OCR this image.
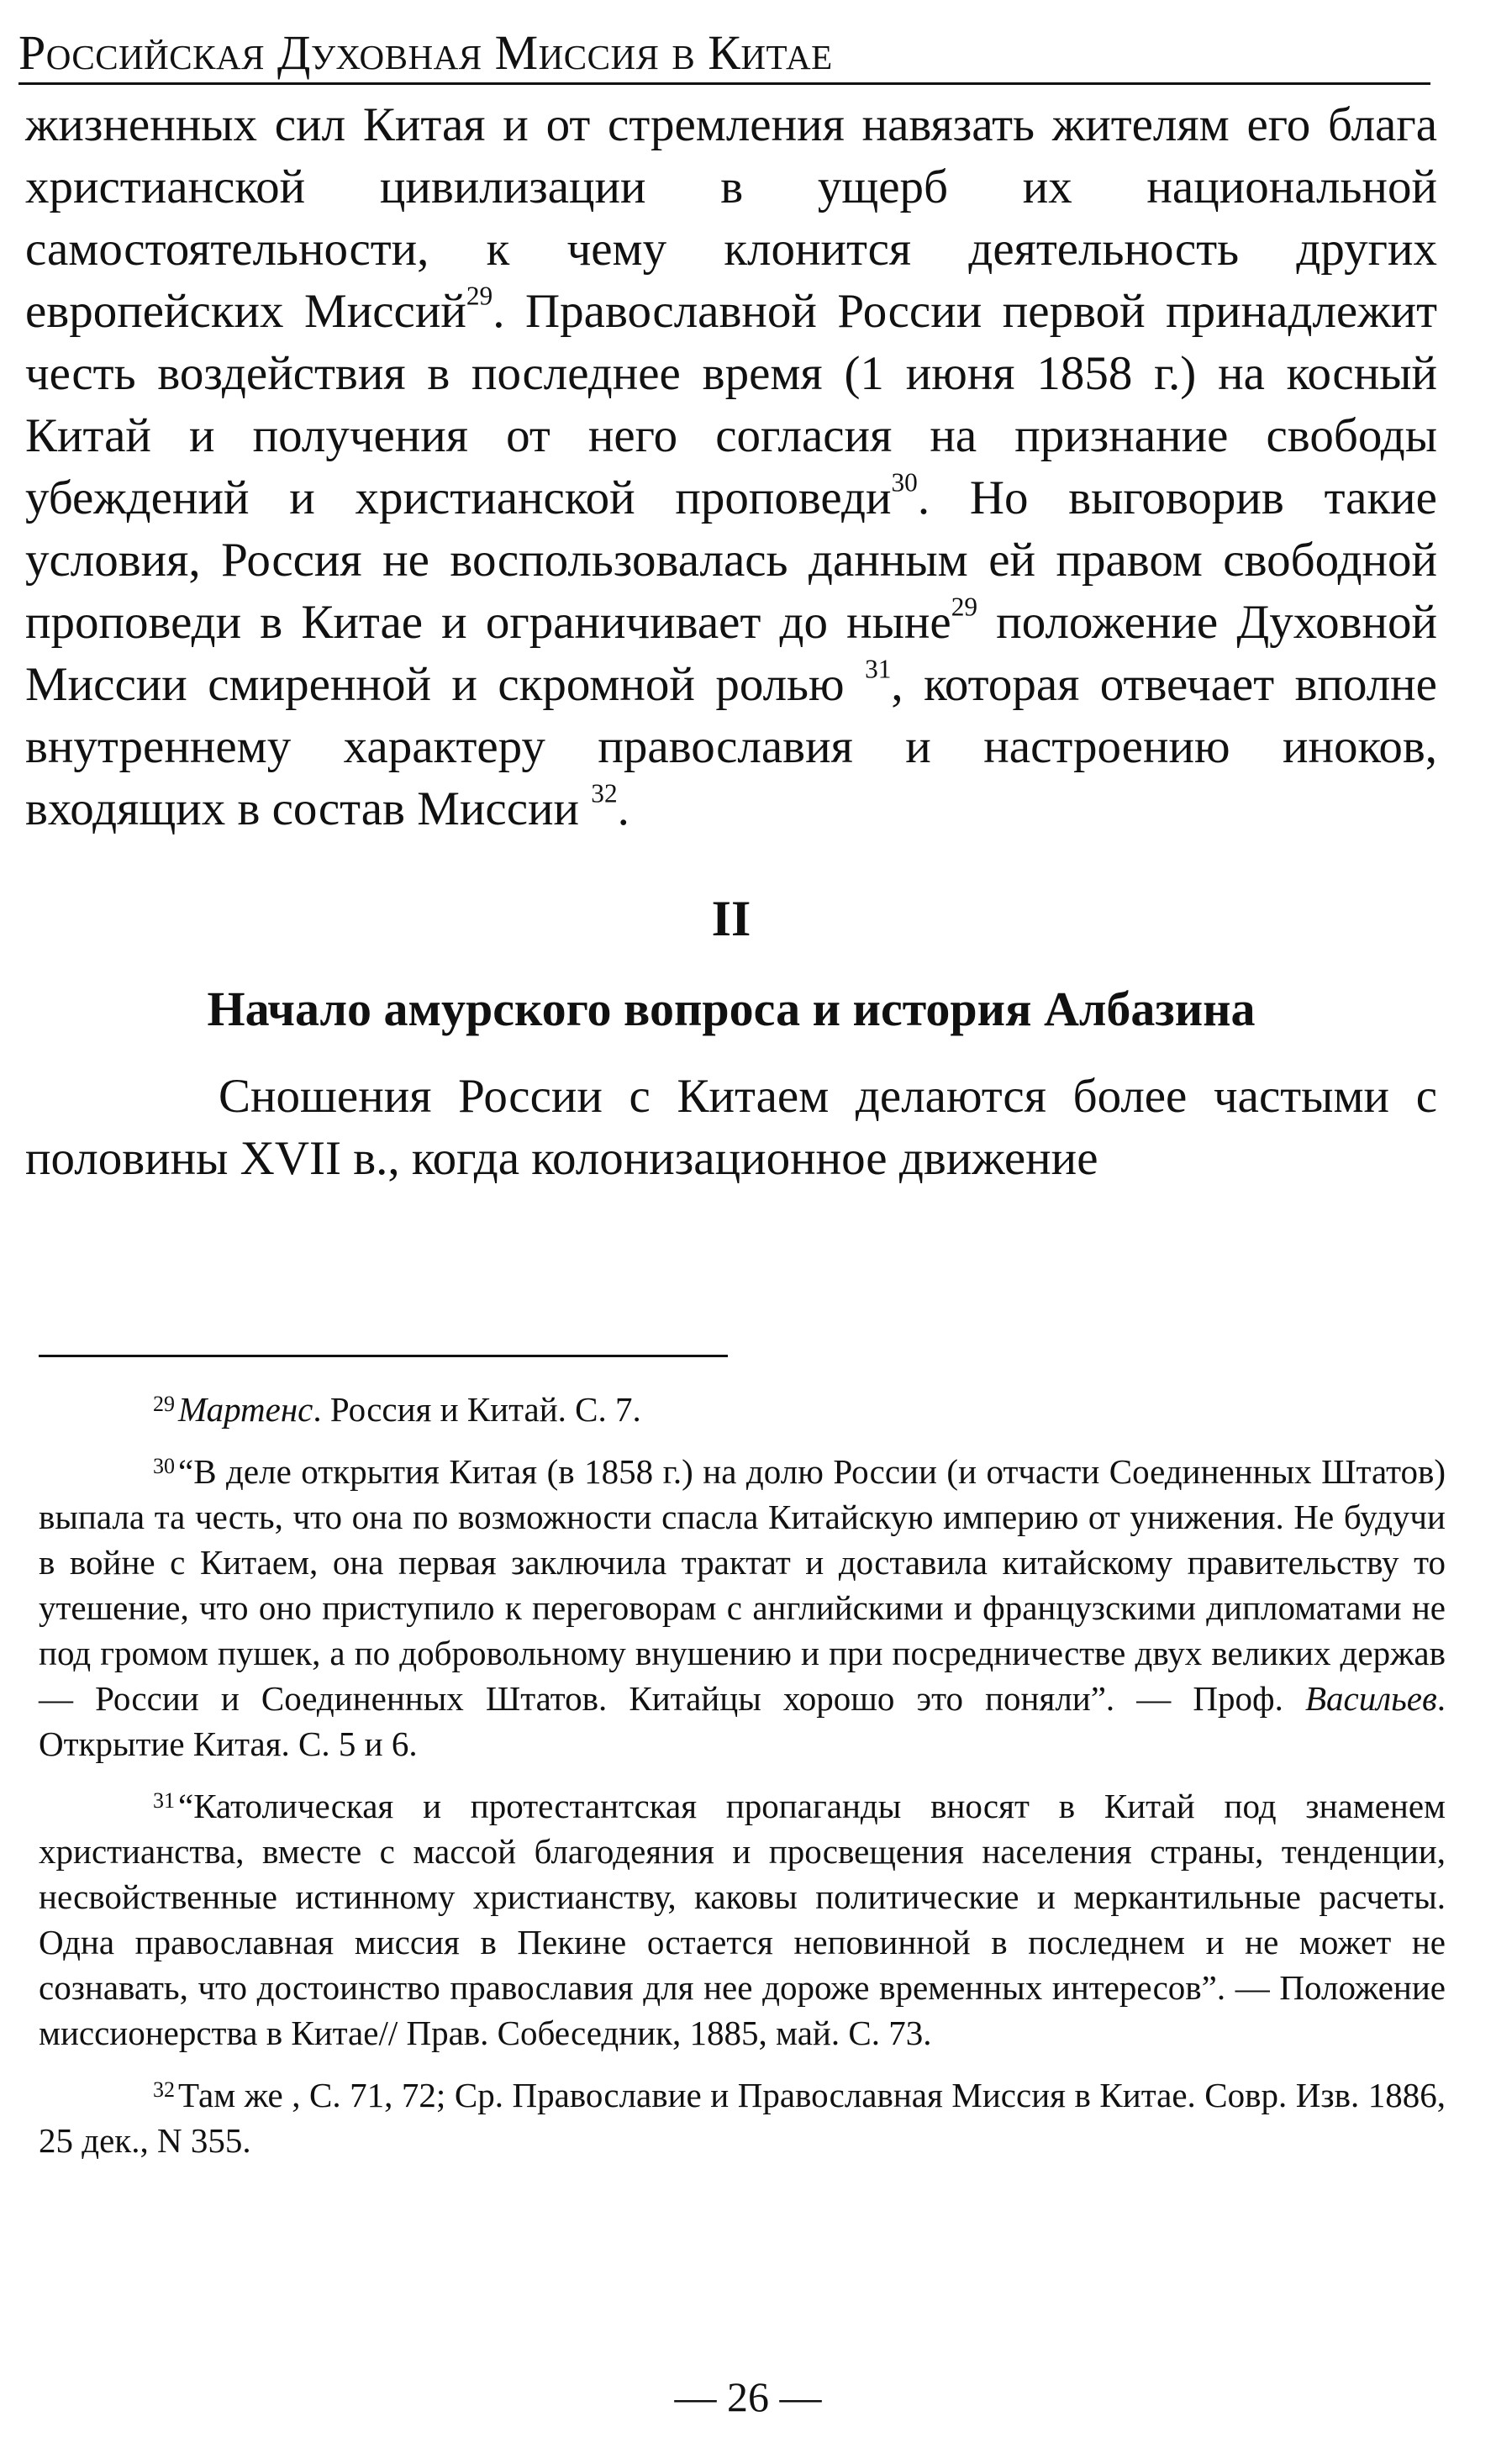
Российская Духовная Миссия в Китае

жизненных сил Китая и от стремления навязать жителям его блага христианской цивилизации в ущерб их национальной самостоятельности, к чему клонится деятельность других европейских Миссий$^{29}$. Православной России первой принадлежит честь воздействия в последнее время (1 июня 1858 г.) на косный Китай и получения от него согласия на признание свободы убеждений и христианской проповеди$^{30}$. Но выговорив такие условия, Россия не воспользовалась данным ей правом свободной проповеди в Китае и ограничивает до ныне$^{29}$ положение Духовной Миссии смиренной и скромной ролью $^{31}$, которая отвечает вполне внутреннему характеру православия и настроению иноков, входящих в состав Миссии $^{32}$.

II
Начало амурского вопроса и история Албазина

Сношения России с Китаем делаются более частыми с половины XVII в., когда колонизационное движение

$^{29}$Мартенс. Россия и Китай. С. 7.

$^{30}$“В деле открытия Китая (в 1858 г.) на долю России (и отчасти Соединенных Штатов) выпала та честь, что она по возможности спасла Китайскую империю от унижения. Не будучи в войне с Китаем, она первая заключила трактат и доставила китайскому правительству то утешение, что оно приступило к переговорам с английскими и французскими дипломатами не под громом пушек, а по добровольному внушению и при посредничестве двух великих держав — России и Соединенных Штатов. Китайцы хорошо это поняли”. — Проф. Васильев. Открытие Китая. С. 5 и 6.

$^{31}$“Католическая и протестантская пропаганды вносят в Китай под знаменем христианства, вместе с массой благодеяния и просвещения населения страны, тенденции, несвойственные истинному христианству, каковы политические и меркантильные расчеты. Одна православная миссия в Пекине остается неповинной в последнем и не может не сознавать, что достоинство православия для нее дороже временных интересов”. — Положение миссионерства в Китае// Прав. Собеседник, 1885, май. С. 73.

$^{32}$Там же , С. 71, 72; Ср. Православие и Православная Миссия в Китае. Совр. Изв. 1886, 25 дек., N 355.

— 26 —
